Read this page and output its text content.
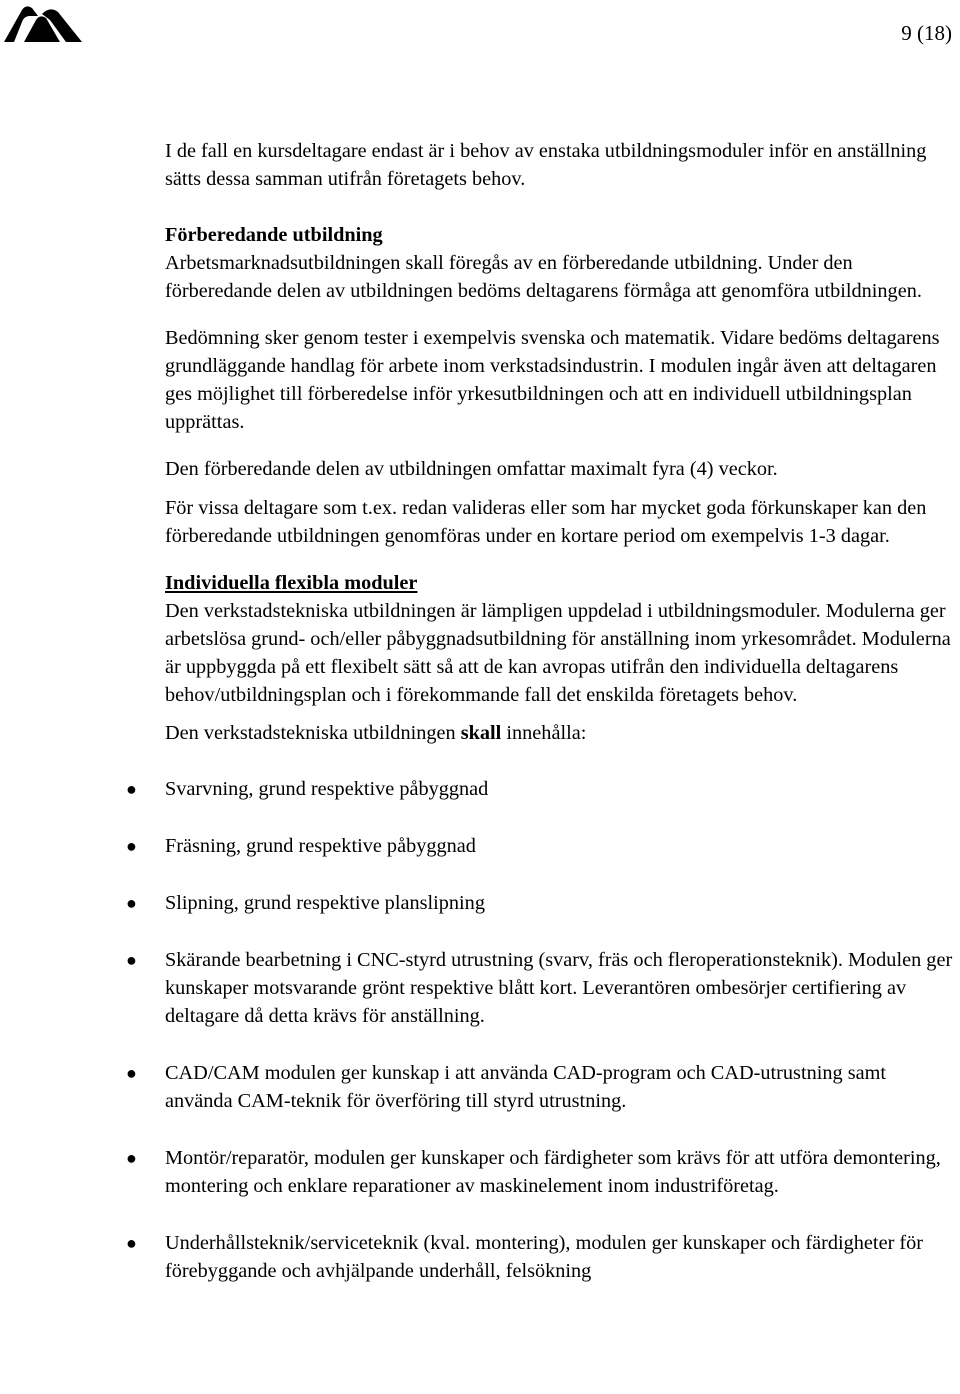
9 (18)

I de fall en kursdeltagare endast är i behov av enstaka utbildningsmoduler inför en anställning sätts dessa samman utifrån företagets behov.

Förberedande utbildning

Arbetsmarknadsutbildningen skall föregås av en förberedande utbildning. Under den förberedande delen av utbildningen bedöms deltagarens förmåga att genomföra utbildningen.

Bedömning sker genom tester i exempelvis svenska och matematik. Vidare bedöms deltagarens grundläggande handlag för arbete inom verkstadsindustrin. I modulen ingår även att deltagaren ges möjlighet till förberedelse inför yrkesutbildningen och att en individuell utbildningsplan upprättas.

Den förberedande delen av utbildningen omfattar maximalt fyra (4) veckor.

För vissa deltagare som t.ex. redan valideras eller som har mycket goda förkunskaper kan den förberedande utbildningen genomföras under en kortare period om exempelvis 1-3 dagar.

Individuella flexibla moduler

Den verkstadstekniska utbildningen är lämpligen uppdelad i utbildningsmoduler. Modulerna ger arbetslösa grund- och/eller påbyggnadsutbildning för anställning inom yrkesområdet. Modulerna är uppbyggda på ett flexibelt sätt så att de kan avropas utifrån den individuella deltagarens behov/utbildningsplan och i förekommande fall det enskilda företagets behov.

Den verkstadstekniska utbildningen skall innehålla:

● Svarvning, grund respektive påbyggnad
● Fräsning, grund respektive påbyggnad
● Slipning, grund respektive planslipning
● Skärande bearbetning i CNC-styrd utrustning (svarv, fräs och fleroperationsteknik). Modulen ger kunskaper motsvarande grönt respektive blått kort. Leverantören ombesörjer certifiering av deltagare då detta krävs för anställning.
● CAD/CAM modulen ger kunskap i att använda CAD-program och CAD-utrustning samt använda CAM-teknik för överföring till styrd utrustning.
● Montör/reparatör, modulen ger kunskaper och färdigheter som krävs för att utföra demontering, montering och enklare reparationer av maskinelement inom industriföretag.
● Underhållsteknik/serviceteknik (kval. montering), modulen ger kunskaper och färdigheter för förebyggande och avhjälpande underhåll, felsökning
